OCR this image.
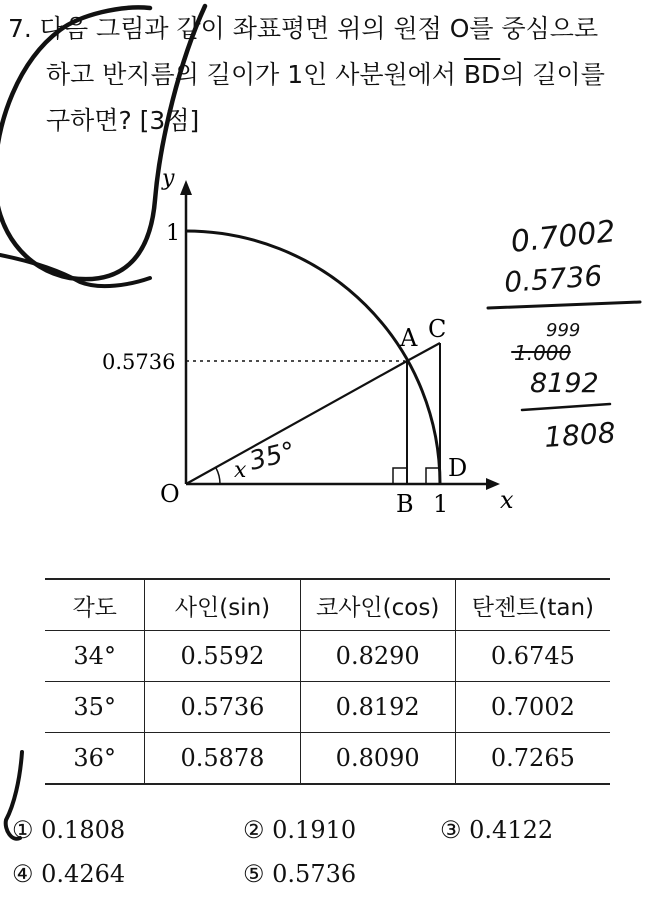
7. 다음 그림과 같이 좌표평면 위의 원점 O를 중심으로
하고 반지름의 길이가 1인 사분원에서 $\overline{BD}$의 길이를
구하면? [3점]
y
1
0.5736
O
A C
B 1
D
x
x
0.7002
0.5736
999
1.000
8192
1808
35°
각도	사인(sin)	코사인(cos)	탄젠트(tan)
34°	0.5592	0.8290	0.6745
35°	0.5736	0.8192	0.7002
36°	0.5878	0.8090	0.7265
① 0.1808	② 0.1910	③ 0.4122
④ 0.4264	⑤ 0.5736
